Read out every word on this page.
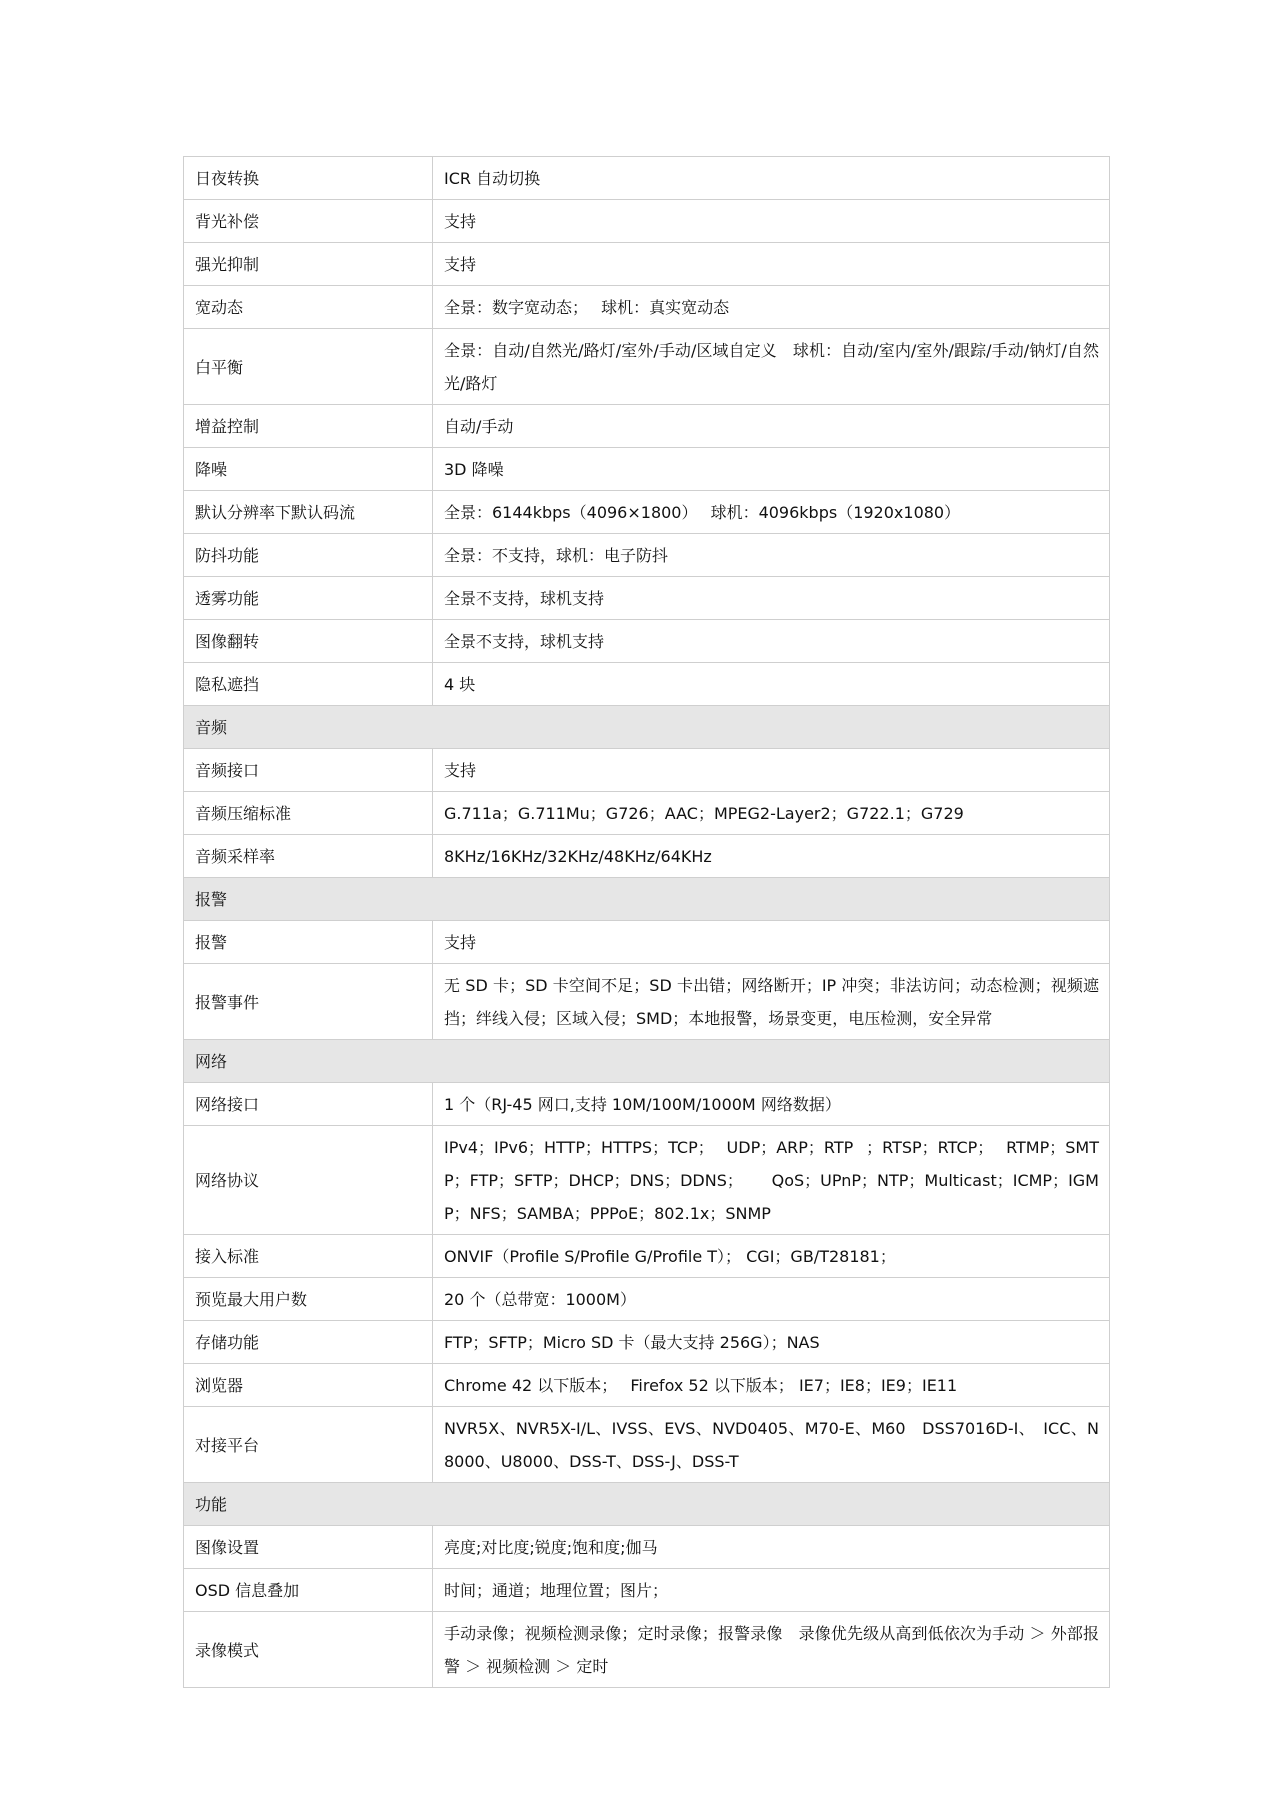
日夜转换	ICR 自动切换
背光补偿	支持
强光抑制	支持
宽动态	全景：数字宽动态；　 球机：真实宽动态
白平衡	全景：自动/自然光/路灯/室外/手动/区域自定义　球机：自动/室内/室外/跟踪/手动/钠灯/自然光/路灯
增益控制	自动/手动
降噪	3D 降噪
默认分辨率下默认码流	全景：6144kbps（4096×1800）　 球机：4096kbps（1920x1080）
防抖功能	全景：不支持，球机：电子防抖
透雾功能	全景不支持，球机支持
图像翻转	全景不支持，球机支持
隐私遮挡	4 块
音频	
音频接口	支持
音频压缩标准	G.711a；G.711Mu；G726；AAC；MPEG2-Layer2；G722.1；G729
音频采样率	8KHz/16KHz/32KHz/48KHz/64KHz
报警	
报警	支持
报警事件	无 SD 卡；SD 卡空间不足；SD 卡出错；网络断开；IP 冲突；非法访问；动态检测；视频遮挡；绊线入侵；区域入侵；SMD；本地报警，场景变更，电压检测，安全异常
网络	
网络接口	1 个（RJ-45 网口,支持 10M/100M/1000M 网络数据）
网络协议	IPv4；IPv6；HTTP；HTTPS；TCP； UDP；ARP；RTP ；RTSP；RTCP； RTMP；SMTP；FTP；SFTP；DHCP；DNS；DDNS； QoS；UPnP；NTP；Multicast；ICMP；IGMP；NFS；SAMBA；PPPoE；802.1x；SNMP
接入标准	ONVIF（Profile S/Profile G/Profile T）； CGI；GB/T28181；
预览最大用户数	20 个（总带宽：1000M）
存储功能	FTP；SFTP；Micro SD 卡（最大支持 256G）；NAS
浏览器	Chrome 42 以下版本；　 Firefox 52 以下版本； IE7；IE8；IE9；IE11
对接平台	NVR5X、NVR5X-I/L、IVSS、EVS、NVD0405、M70-E、M60　DSS7016D-I、　ICC、N8000、U8000、DSS-T、DSS-J、DSS-T
功能	
图像设置	亮度;对比度;锐度;饱和度;伽马
OSD 信息叠加	时间；通道；地理位置；图片；
录像模式	手动录像；视频检测录像；定时录像；报警录像　录像优先级从高到低依次为手动 ＞ 外部报警 ＞ 视频检测 ＞ 定时
